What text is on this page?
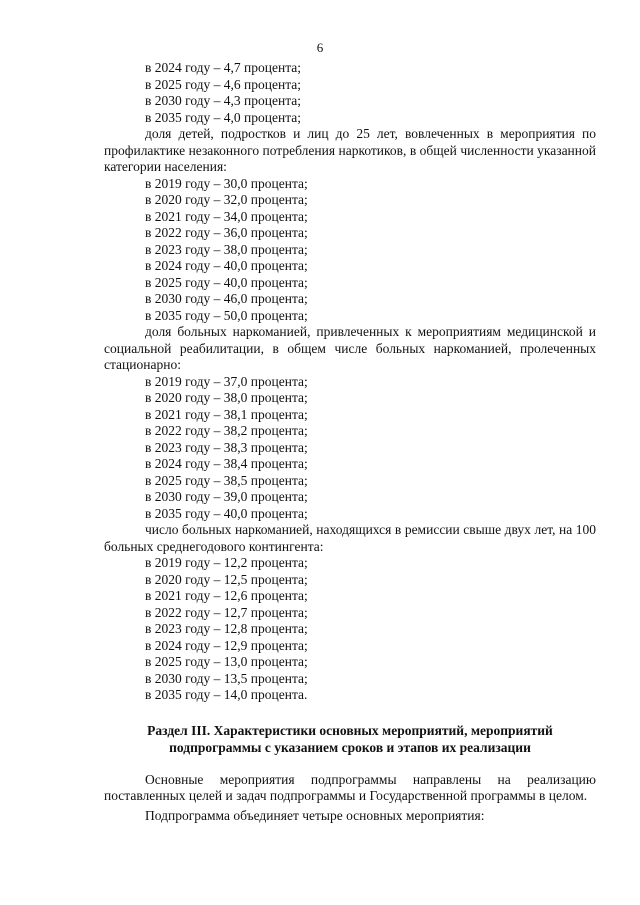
6
в 2024 году – 4,7 процента;
в 2025 году – 4,6 процента;
в 2030 году – 4,3 процента;
в 2035 году – 4,0 процента;

доля детей, подростков и лиц до 25 лет, вовлеченных в мероприятия по профилактике незаконного потребления наркотиков, в общей численности указанной категории населения:

в 2019 году – 30,0 процента;
в 2020 году – 32,0 процента;
в 2021 году – 34,0 процента;
в 2022 году – 36,0 процента;
в 2023 году – 38,0 процента;
в 2024 году – 40,0 процента;
в 2025 году – 40,0 процента;
в 2030 году – 46,0 процента;
в 2035 году – 50,0 процента;

доля больных наркоманией, привлеченных к мероприятиям медицинской и социальной реабилитации, в общем числе больных наркоманией, пролеченных стационарно:

в 2019 году – 37,0 процента;
в 2020 году – 38,0 процента;
в 2021 году – 38,1 процента;
в 2022 году – 38,2 процента;
в 2023 году – 38,3 процента;
в 2024 году – 38,4 процента;
в 2025 году – 38,5 процента;
в 2030 году – 39,0 процента;
в 2035 году – 40,0 процента;

число больных наркоманией, находящихся в ремиссии свыше двух лет, на 100 больных среднегодового контингента:

в 2019 году – 12,2 процента;
в 2020 году – 12,5 процента;
в 2021 году – 12,6 процента;
в 2022 году – 12,7 процента;
в 2023 году – 12,8 процента;
в 2024 году – 12,9 процента;
в 2025 году – 13,0 процента;
в 2030 году – 13,5 процента;
в 2035 году – 14,0 процента.
Раздел III. Характеристики основных мероприятий, мероприятий
подпрограммы с указанием сроков и этапов их реализации

Основные мероприятия подпрограммы направлены на реализацию поставленных целей и задач подпрограммы и Государственной программы в целом.

Подпрограмма объединяет четыре основных мероприятия:
